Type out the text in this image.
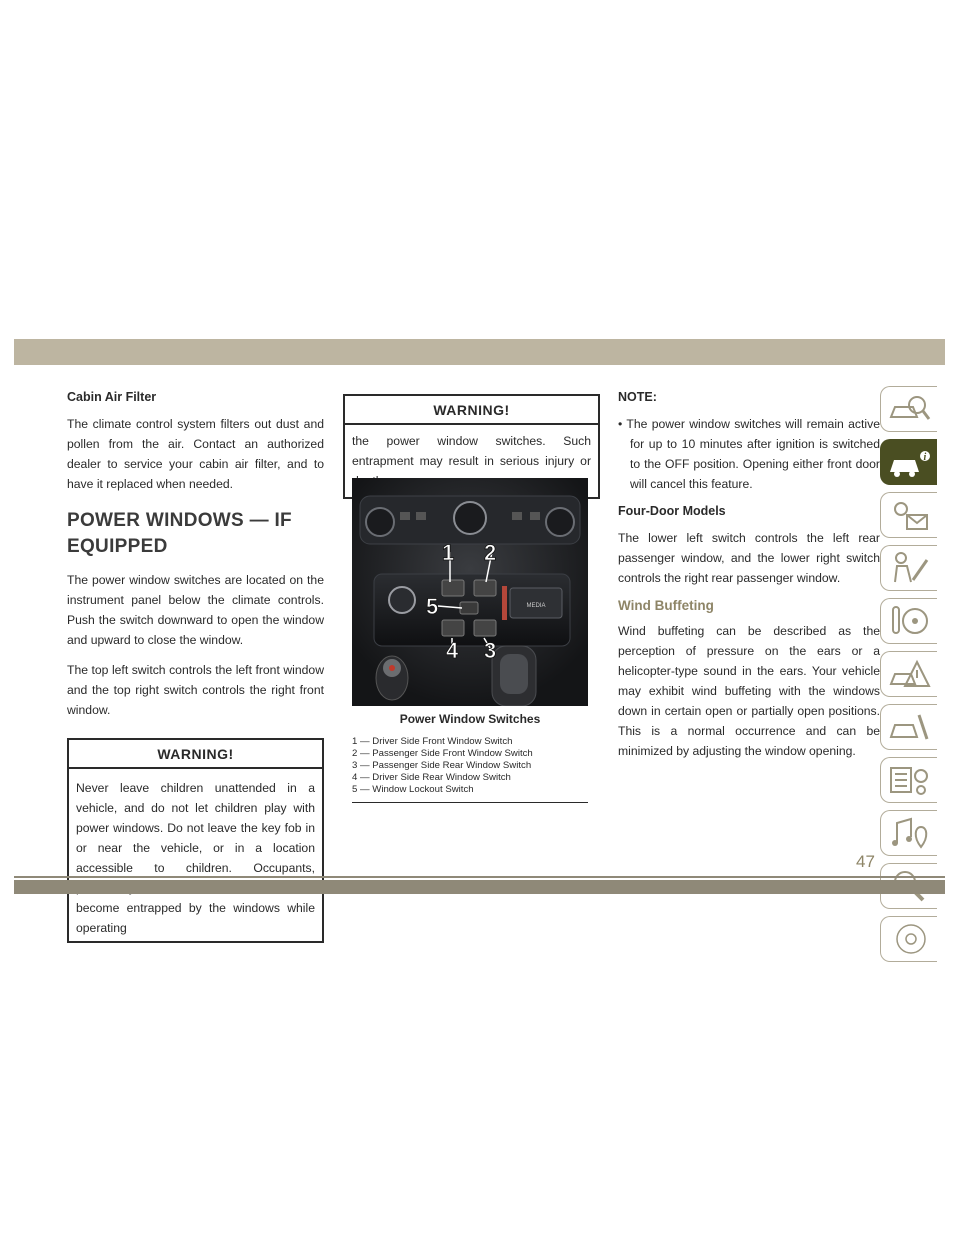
Cabin Air Filter

The climate control system filters out dust and pollen from the air. Contact an authorized dealer to service your cabin air filter, and to have it replaced when needed.

POWER WINDOWS — IF EQUIPPED

The power window switches are located on the instrument panel below the climate controls. Push the switch downward to open the window and upward to close the window.

The top left switch controls the left front window and the top right switch controls the right front window.

WARNING!
Never leave children unattended in a vehicle, and do not let children play with power windows. Do not leave the key fob in or near the vehicle, or in a location accessible to children. Occupants, become entrapped by the windows while operating
WARNING!
the power window switches. Such entrapment may result in serious injury or
MEDIA
1 2
3
4
5
Power Window Switches
1 — Driver Side Front Window Switch
2 — Passenger Side Front Window Switch
3 — Passenger Side Rear Window Switch
4 — Driver Side Rear Window Switch
5 — Window Lockout Switch
NOTE:

• The power window switches will remain active for up to 10 minutes after ignition is switched to the OFF position. Opening either front door will cancel this feature.

Four-Door Models

The lower left switch controls the left rear passenger window, and the lower right switch controls the right rear passenger window.

Wind Buffeting

Wind buffeting can be described as the perception of pressure on the ears or a helicopter-type sound in the ears. Your vehicle may exhibit wind buffeting with the windows down in certain open or partially open positions. This is a normal occurrence and can be minimized by adjusting the window opening.

i
47
